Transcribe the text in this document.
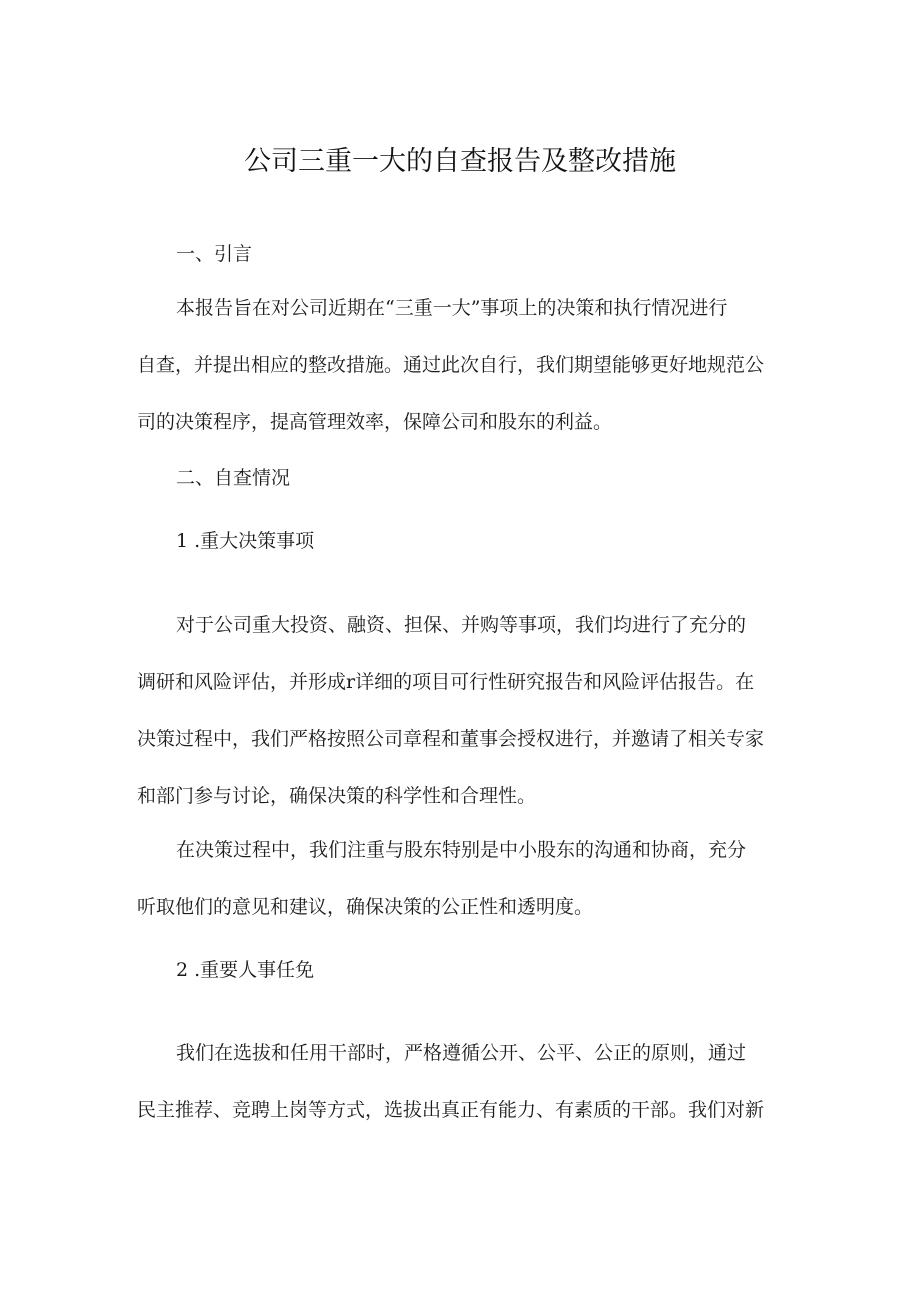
公司三重一大的自查报告及整改措施
一、引言
本报告旨在对公司近期在“三重一大”事项上的决策和执行情况进行
自查，并提出相应的整改措施。通过此次自行，我们期望能够更好地规范公
司的决策程序，提高管理效率，保障公司和股东的利益。
二、自查情况
1 .重大决策事项
对于公司重大投资、融资、担保、并购等事项，我们均进行了充分的
调研和风险评估，并形成r详细的项目可行性研究报告和风险评估报告。在
决策过程中，我们严格按照公司章程和董事会授权进行，并邀请了相关专家
和部门参与讨论，确保决策的科学性和合理性。
在决策过程中，我们注重与股东特别是中小股东的沟通和协商，充分
听取他们的意见和建议，确保决策的公正性和透明度。
2 .重要人事任免
我们在选拔和任用干部时，严格遵循公开、公平、公正的原则，通过
民主推荐、竞聘上岗等方式，选拔出真正有能力、有素质的干部。我们对新
